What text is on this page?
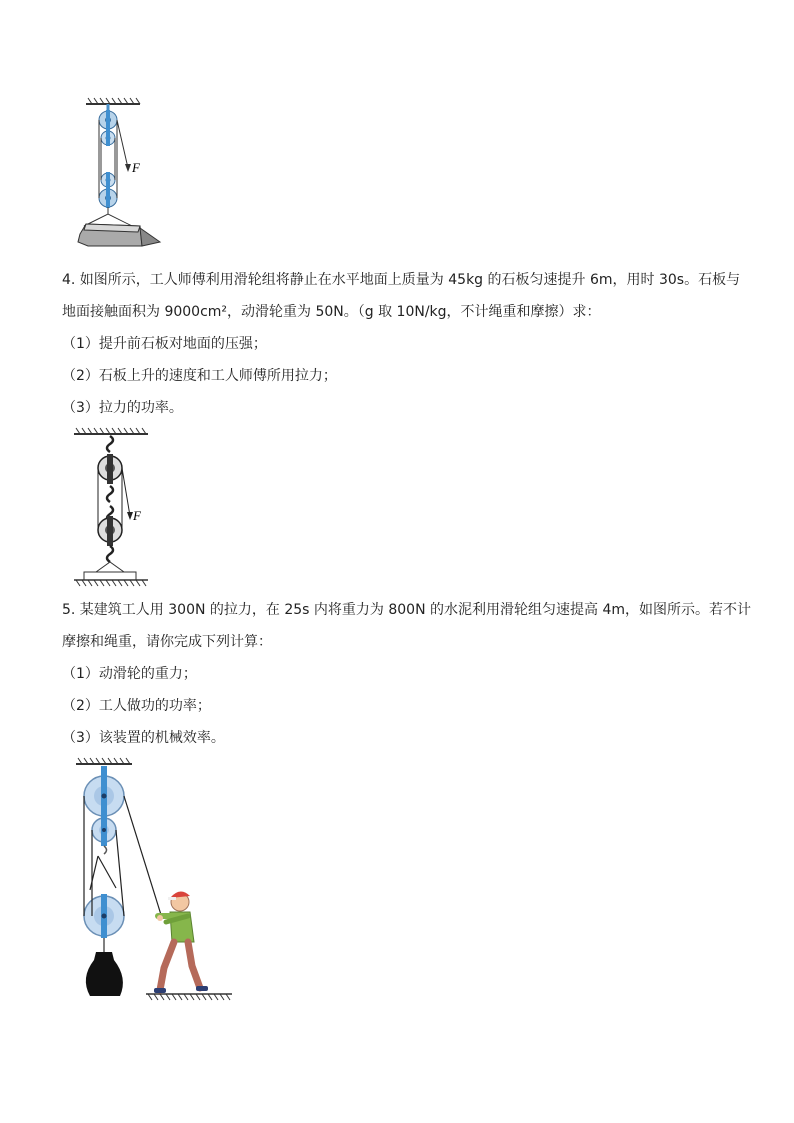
F
4. 如图所示，工人师傅利用滑轮组将静止在水平地面上质量为 45kg 的石板匀速提升 6m，用时 30s。石板与
地面接触面积为 9000cm²，动滑轮重为 50N。（g 取 10N/kg，不计绳重和摩擦）求：
（1）提升前石板对地面的压强；
（2）石板上升的速度和工人师傅所用拉力；
（3）拉力的功率。
F
5. 某建筑工人用 300N 的拉力，在 25s 内将重力为 800N 的水泥利用滑轮组匀速提高 4m，如图所示。若不计
摩擦和绳重，请你完成下列计算：
（1）动滑轮的重力；
（2）工人做功的功率；
（3）该装置的机械效率。
